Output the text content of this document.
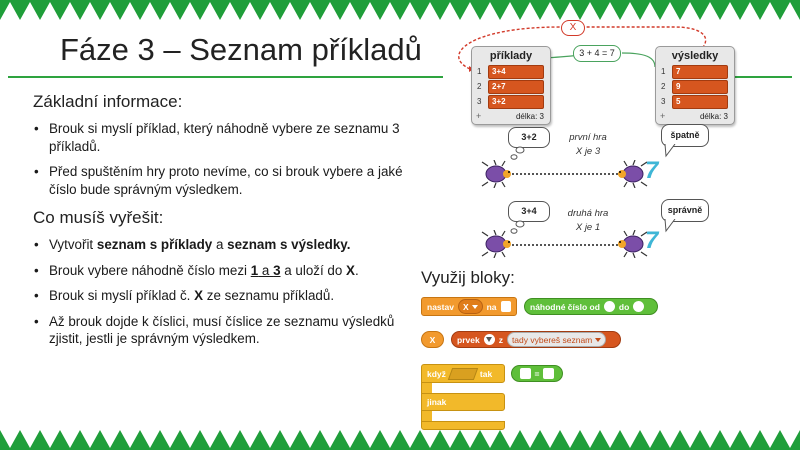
Fáze 3 – Seznam příkladů
Základní informace:
• Brouk si myslí příklad, který náhodně vybere ze seznamu 3 příkladů.
• Před spuštěním hry proto nevíme, co si brouk vybere a jaké číslo bude správným výsledkem.
Co musíš vyřešit:
• Vytvořit seznam s příklady a seznam s výsledky.
• Brouk vybere náhodně číslo mezi 1 a 3 a uloží do X.
• Brouk si myslí příklad č. X ze seznamu příkladů.
• Až brouk dojde k číslici, musí číslice ze seznamu výsledků zjistit, jestli je správným výsledkem.
X
3 + 4 = 7
příklady
1 3+4
2 2+7
3 3+2
+	délka: 3
výsledky
1 7
2 9
3 5
+	délka: 3
3+2	první hra
X je 3
špatně
7
3+4	druhá hra
X je 1
správně
7
Využij bloky:
nastav X na	náhodné číslo od do
X	prvek z tady vybereš seznam
když	tak
jinak
=
